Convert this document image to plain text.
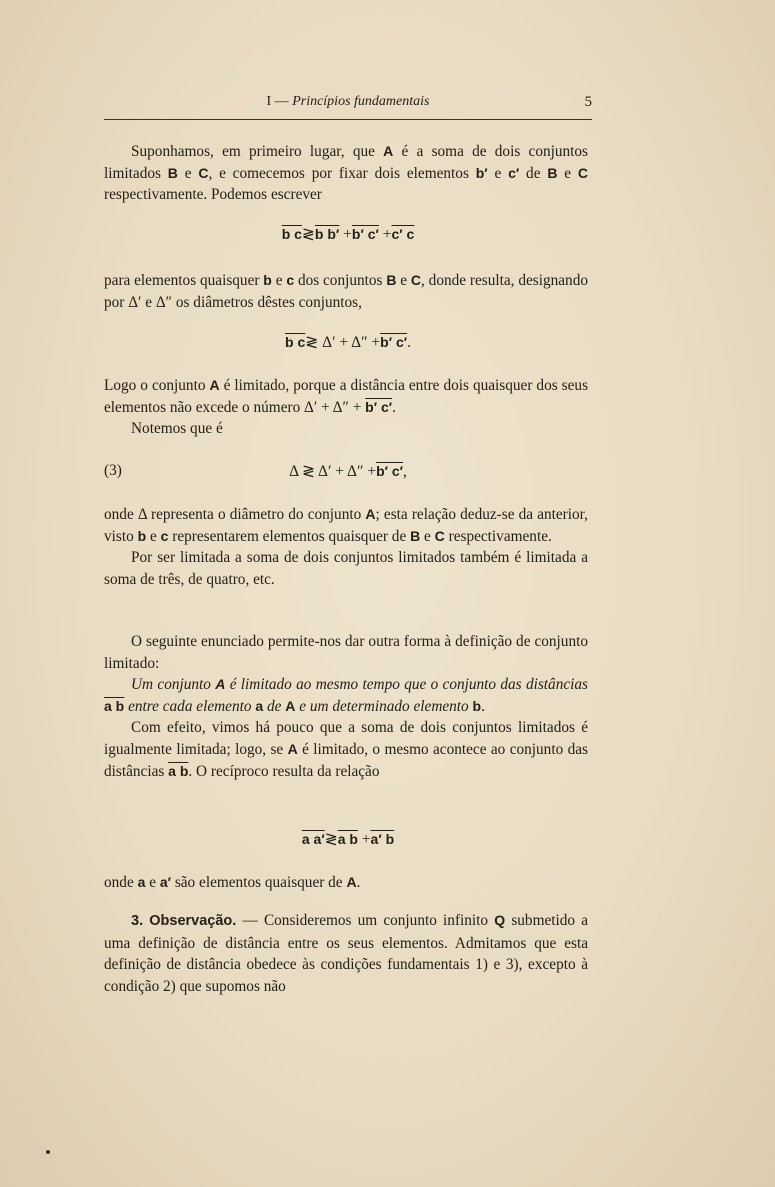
I — Princípios fundamentais	5

Suponhamos, em primeiro lugar, que A é a soma de dois conjuntos limitados B e C, e comecemos por fixar dois elementos b′ e c′ de B e C respectivamente. Podemos escrever

b c≷b b′ +b′ c′ +c′ c

para elementos quaisquer b e c dos conjuntos B e C, donde resulta, designando por Δ′ e Δ″ os diâmetros dêstes conjuntos,

b c≷ Δ′ + Δ″ +b′ c′.

Logo o conjunto A é limitado, porque a distância entre dois quaisquer dos seus elementos não excede o número Δ′ + Δ″ + b′ c′.

Notemos que é

(3)	Δ ≷ Δ′ + Δ″ +b′ c′,

onde Δ representa o diâmetro do conjunto A; esta relação deduz-se da anterior, visto b e c representarem elementos quaisquer de B e C respectivamente.

Por ser limitada a soma de dois conjuntos limitados também é limitada a soma de três, de quatro, etc.

O seguinte enunciado permite-nos dar outra forma à definição de conjunto limitado:

Um conjunto A é limitado ao mesmo tempo que o conjunto das distâncias a b entre cada elemento a de A e um determinado elemento b.

Com efeito, vimos há pouco que a soma de dois conjuntos limitados é igualmente limitada; logo, se A é limitado, o mesmo acontece ao conjunto das distâncias a b. O recíproco resulta da relação

a a′≷a b +a′ b

onde a e a′ são elementos quaisquer de A.

3. Observação. — Consideremos um conjunto infinito Q submetido a uma definição de distância entre os seus elementos. Admitamos que esta definição de distância obedece às condições fundamentais 1) e 3), excepto à condição 2) que supomos não
